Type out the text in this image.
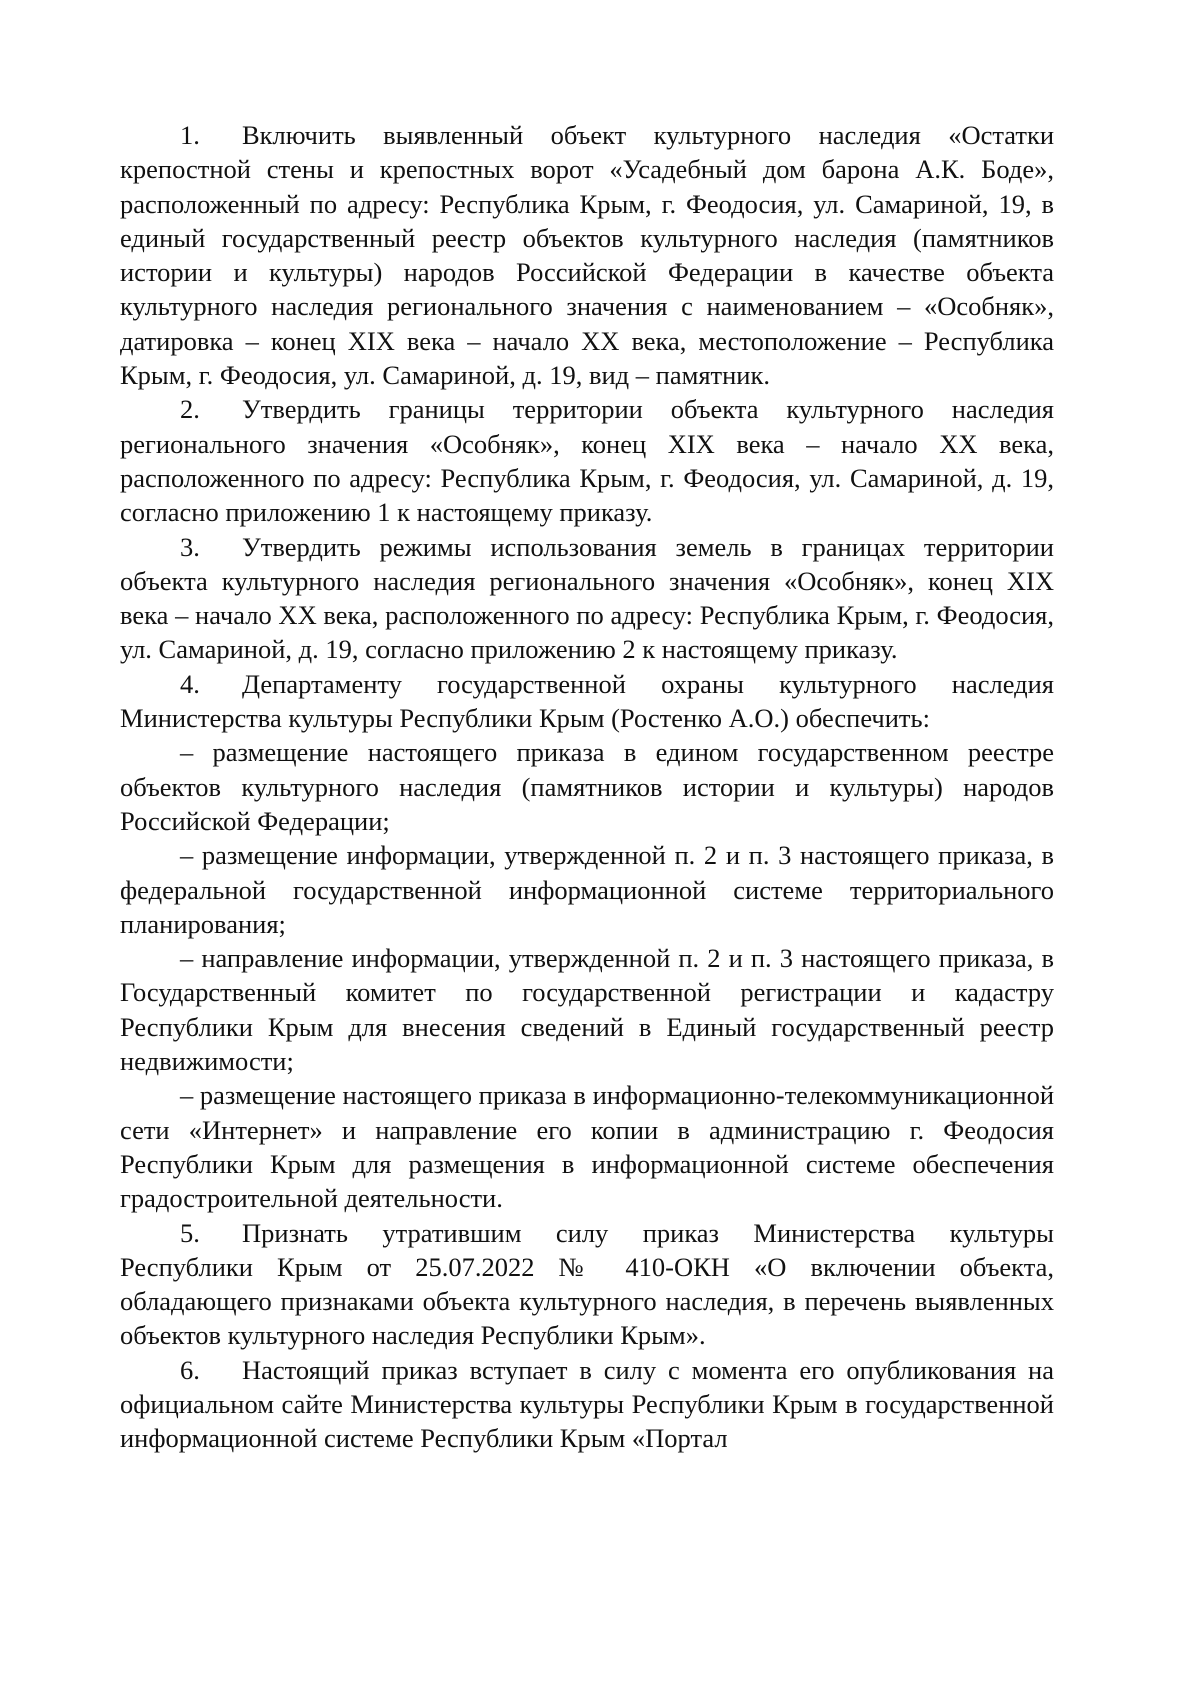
1. Включить выявленный объект культурного наследия «Остатки крепостной стены и крепостных ворот «Усадебный дом барона А.К. Боде», расположенный по адресу: Республика Крым, г. Феодосия, ул. Самариной, 19, в единый государственный реестр объектов культурного наследия (памятников истории и культуры) народов Российской Федерации в качестве объекта культурного наследия регионального значения с наименованием – «Особняк», датировка – конец XIX века – начало XX века, местоположение – Республика Крым, г. Феодосия, ул. Самариной, д. 19, вид – памятник.

2. Утвердить границы территории объекта культурного наследия регионального значения «Особняк», конец XIX века – начало XX века, расположенного по адресу: Республика Крым, г. Феодосия, ул. Самариной, д. 19, согласно приложению 1 к настоящему приказу.

3. Утвердить режимы использования земель в границах территории объекта культурного наследия регионального значения «Особняк», конец XIX века – начало XX века, расположенного по адресу: Республика Крым, г. Феодосия, ул. Самариной, д. 19, согласно приложению 2 к настоящему приказу.

4. Департаменту государственной охраны культурного наследия Министерства культуры Республики Крым (Ростенко А.О.) обеспечить:

– размещение настоящего приказа в едином государственном реестре объектов культурного наследия (памятников истории и культуры) народов Российской Федерации;

– размещение информации, утвержденной п. 2 и п. 3 настоящего приказа, в федеральной государственной информационной системе территориального планирования;

– направление информации, утвержденной п. 2 и п. 3 настоящего приказа, в Государственный комитет по государственной регистрации и кадастру Республики Крым для внесения сведений в Единый государственный реестр недвижимости;

– размещение настоящего приказа в информационно-телекоммуникационной сети «Интернет» и направление его копии в администрацию г. Феодосия Республики Крым для размещения в информационной системе обеспечения градостроительной деятельности.

5. Признать утратившим силу приказ Министерства культуры Республики Крым от 25.07.2022 № 410-ОКН «О включении объекта, обладающего признаками объекта культурного наследия, в перечень выявленных объектов культурного наследия Республики Крым».

6. Настоящий приказ вступает в силу с момента его опубликования на официальном сайте Министерства культуры Республики Крым в государственной информационной системе Республики Крым «Портал
